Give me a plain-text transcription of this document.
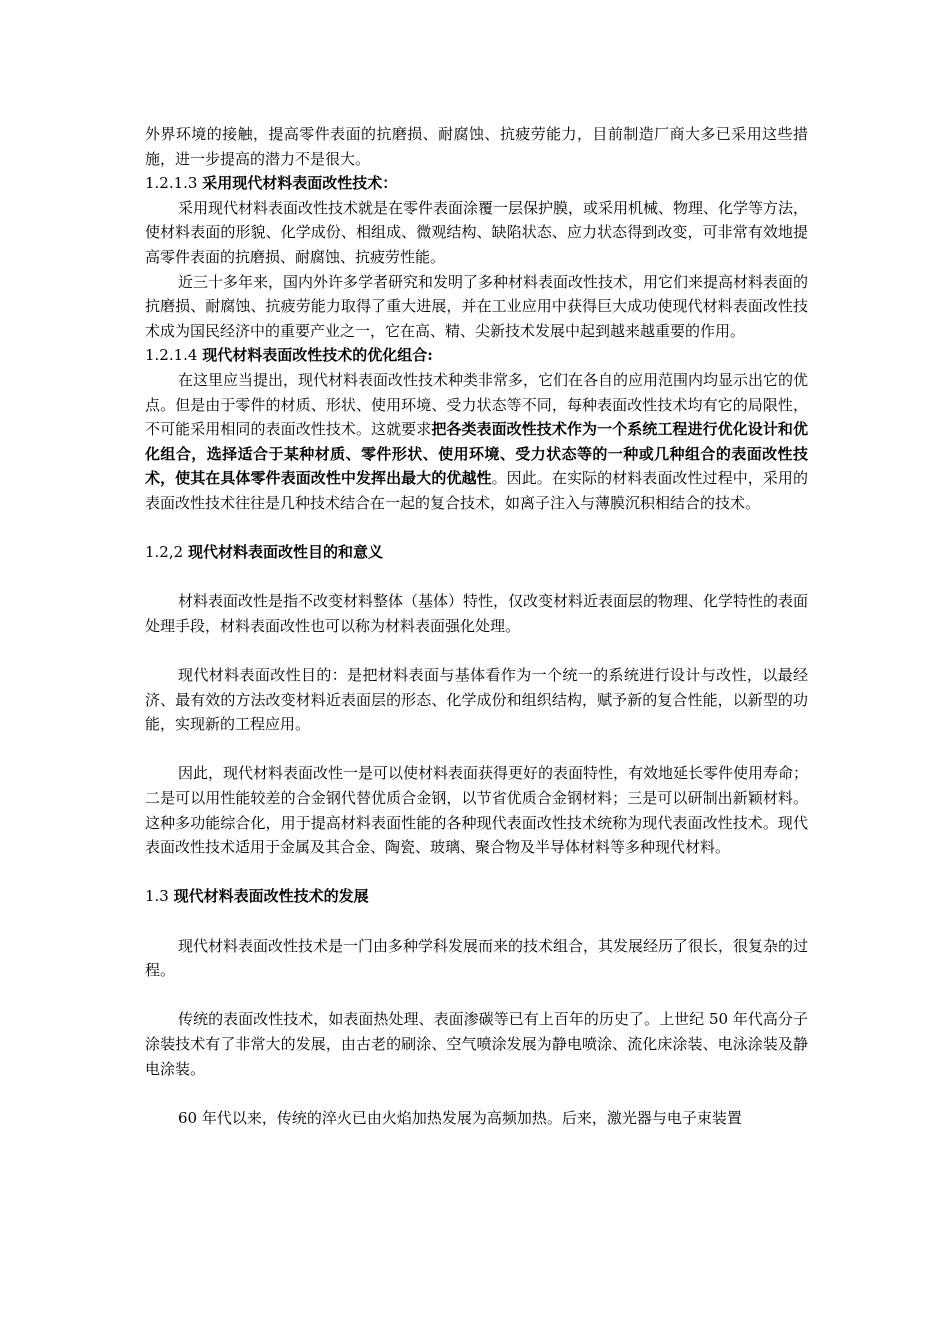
外界环境的接触，提高零件表面的抗磨损、耐腐蚀、抗疲劳能力，目前制造厂商大多已采用这些措施，进一步提高的潜力不是很大。

1.2.1.3 采用现代材料表面改性技术：

采用现代材料表面改性技术就是在零件表面涂覆一层保护膜，或采用机械、物理、化学等方法，使材料表面的形貌、化学成份、相组成、微观结构、缺陷状态、应力状态得到改变，可非常有效地提高零件表面的抗磨损、耐腐蚀、抗疲劳性能。

近三十多年来，国内外许多学者研究和发明了多种材料表面改性技术，用它们来提高材料表面的抗磨损、耐腐蚀、抗疲劳能力取得了重大进展，并在工业应用中获得巨大成功使现代材料表面改性技术成为国民经济中的重要产业之一，它在高、精、尖新技术发展中起到越来越重要的作用。

1.2.1.4 现代材料表面改性技术的优化组合:

在这里应当提出，现代材料表面改性技术种类非常多，它们在各自的应用范围内均显示出它的优点。但是由于零件的材质、形状、使用环境、受力状态等不同，每种表面改性技术均有它的局限性，不可能采用相同的表面改性技术。这就要求把各类表面改性技术作为一个系统工程进行优化设计和优化组合，选择适合于某种材质、零件形状、使用环境、受力状态等的一种或几种组合的表面改性技术，使其在具体零件表面改性中发挥出最大的优越性。因此。在实际的材料表面改性过程中，采用的表面改性技术往往是几种技术结合在一起的复合技术，如离子注入与薄膜沉积相结合的技术。

1.2,2 现代材料表面改性目的和意义

材料表面改性是指不改变材料整体（基体）特性，仅改变材料近表面层的物理、化学特性的表面处理手段，材料表面改性也可以称为材料表面强化处理。

现代材料表面改性目的：是把材料表面与基体看作为一个统一的系统进行设计与改性，以最经济、最有效的方法改变材料近表面层的形态、化学成份和组织结构，赋予新的复合性能，以新型的功能，实现新的工程应用。

因此，现代材料表面改性一是可以使材料表面获得更好的表面特性，有效地延长零件使用寿命；二是可以用性能较差的合金钢代替优质合金钢，以节省优质合金钢材料；三是可以研制出新颖材料。这种多功能综合化，用于提高材料表面性能的各种现代表面改性技术统称为现代表面改性技术。现代表面改性技术适用于金属及其合金、陶瓷、玻璃、聚合物及半导体材料等多种现代材料。

1.3 现代材料表面改性技术的发展

现代材料表面改性技术是一门由多种学科发展而来的技术组合，其发展经历了很长，很复杂的过程。

传统的表面改性技术，如表面热处理、表面渗碳等已有上百年的历史了。上世纪 50 年代高分子涂装技术有了非常大的发展，由古老的刷涂、空气喷涂发展为静电喷涂、流化床涂装、电泳涂装及静电涂装。

60 年代以来，传统的淬火已由火焰加热发展为高频加热。后来，激光器与电子束装置
